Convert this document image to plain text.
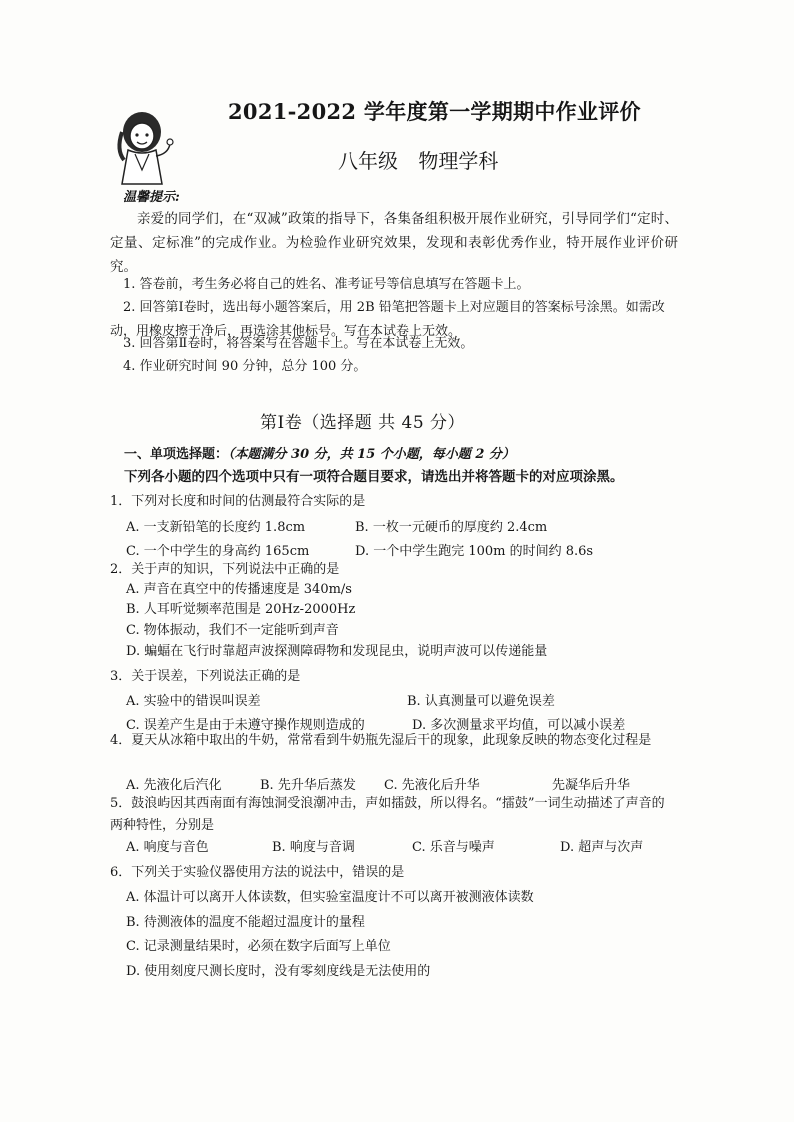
2021-2022 学年度第一学期期中作业评价
八年级 物理学科
温馨提示:

亲爱的同学们，在“双减”政策的指导下，各集备组积极开展作业研究，引导同学们“定时、定量、定标准”的完成作业。为检验作业研究效果，发现和表彰优秀作业，特开展作业评价研究。

1. 答卷前，考生务必将自己的姓名、准考证号等信息填写在答题卡上。

2. 回答第Ⅰ卷时，选出每小题答案后，用 2B 铅笔把答题卡上对应题目的答案标号涂黑。如需改动，用橡皮擦干净后，再选涂其他标号。写在本试卷上无效。

3. 回答第Ⅱ卷时，将答案写在答题卡上。写在本试卷上无效。

4. 作业研究时间 90 分钟，总分 100 分。

第Ⅰ卷（选择题 共 45 分）
一、单项选择题：（本题满分 30 分，共 15 个小题，每小题 2 分）
下列各小题的四个选项中只有一项符合题目要求，请选出并将答题卡的对应项涂黑。
1．下列对长度和时间的估测最符合实际的是
A. 一支新铅笔的长度约 1.8cm	B. 一枚一元硬币的厚度约 2.4cm
C. 一个中学生的身高约 165cm	D. 一个中学生跑完 100m 的时间约 8.6s
2．关于声的知识，下列说法中正确的是
A. 声音在真空中的传播速度是 340m/s
B. 人耳听觉频率范围是 20Hz-2000Hz
C. 物体振动，我们不一定能听到声音
D. 蝙蝠在飞行时靠超声波探测障碍物和发现昆虫，说明声波可以传递能量
3．关于误差，下列说法正确的是
A. 实验中的错误叫误差	B. 认真测量可以避免误差
C. 误差产生是由于未遵守操作规则造成的	D. 多次测量求平均值，可以减小误差
4．夏天从冰箱中取出的牛奶，常常看到牛奶瓶先湿后干的现象，此现象反映的物态变化过程是
A. 先液化后汽化	B. 先升华后蒸发 C. 先液化后升华	先凝华后升华
5．鼓浪屿因其西南面有海蚀洞受浪潮冲击，声如擂鼓，所以得名。“擂鼓”一词生动描述了声音的两种特性，分别是
A. 响度与音色	B. 响度与音调	C. 乐音与噪声	D. 超声与次声
6．下列关于实验仪器使用方法的说法中，错误的是
A. 体温计可以离开人体读数，但实验室温度计不可以离开被测液体读数
B. 待测液体的温度不能超过温度计的量程
C. 记录测量结果时，必须在数字后面写上单位
D. 使用刻度尺测长度时，没有零刻度线是无法使用的
